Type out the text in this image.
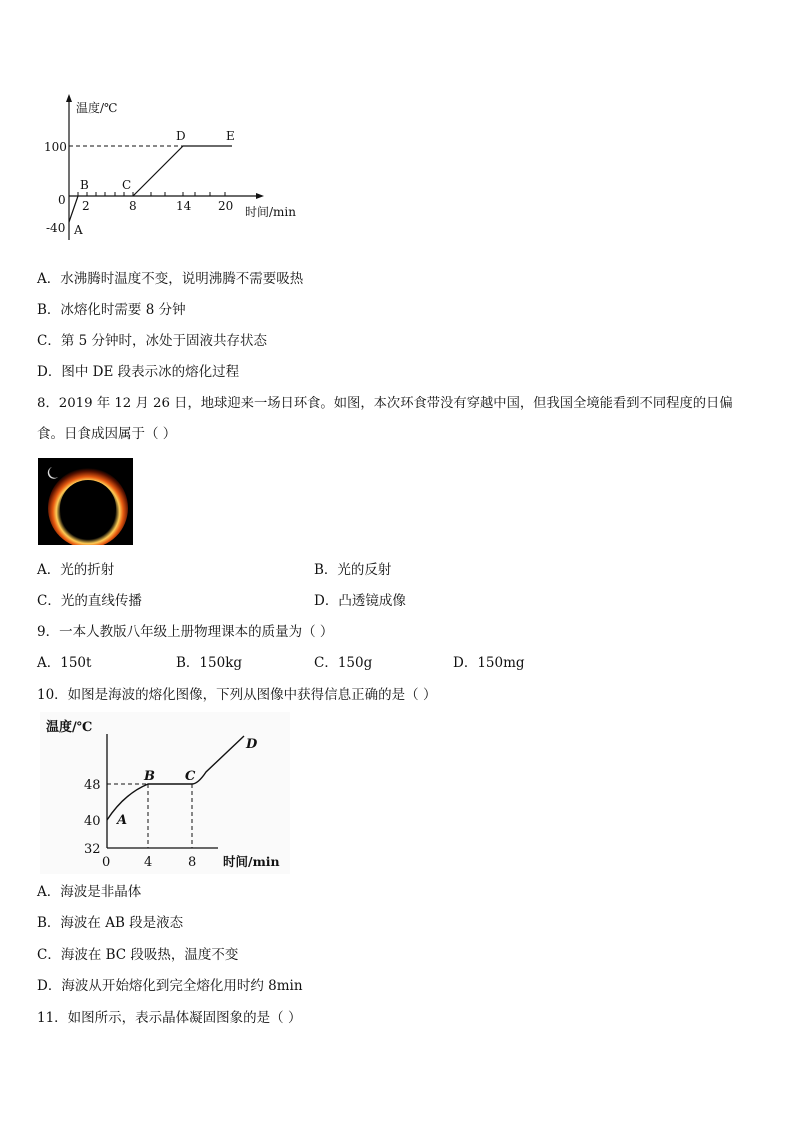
温度/℃
时间/min
100
0
-40
2	8	14 20
A
B	C
D	E
A．水沸腾时温度不变，说明沸腾不需要吸热
B．冰熔化时需要 8 分钟
C．第 5 分钟时，冰处于固液共存状态
D．图中 DE 段表示冰的熔化过程
8．2019 年 12 月 26 日，地球迎来一场日环食。如图，本次环食带没有穿越中国，但我国全境能看到不同程度的日偏
食。日食成因属于（ ）
A．光的折射	B．光的反射
C．光的直线传播	D．凸透镜成像
9．一本人教版八年级上册物理课本的质量为（ ）
A．150t	B．150kg	C．150g	D．150mg
10．如图是海波的熔化图像，下列从图像中获得信息正确的是（ ）
温度/℃
时间/min
48
40
32
0	4	8
A
B C
D
A．海波是非晶体
B．海波在 AB 段是液态
C．海波在 BC 段吸热，温度不变
D．海波从开始熔化到完全熔化用时约 8min
11．如图所示，表示晶体凝固图象的是（ ）
